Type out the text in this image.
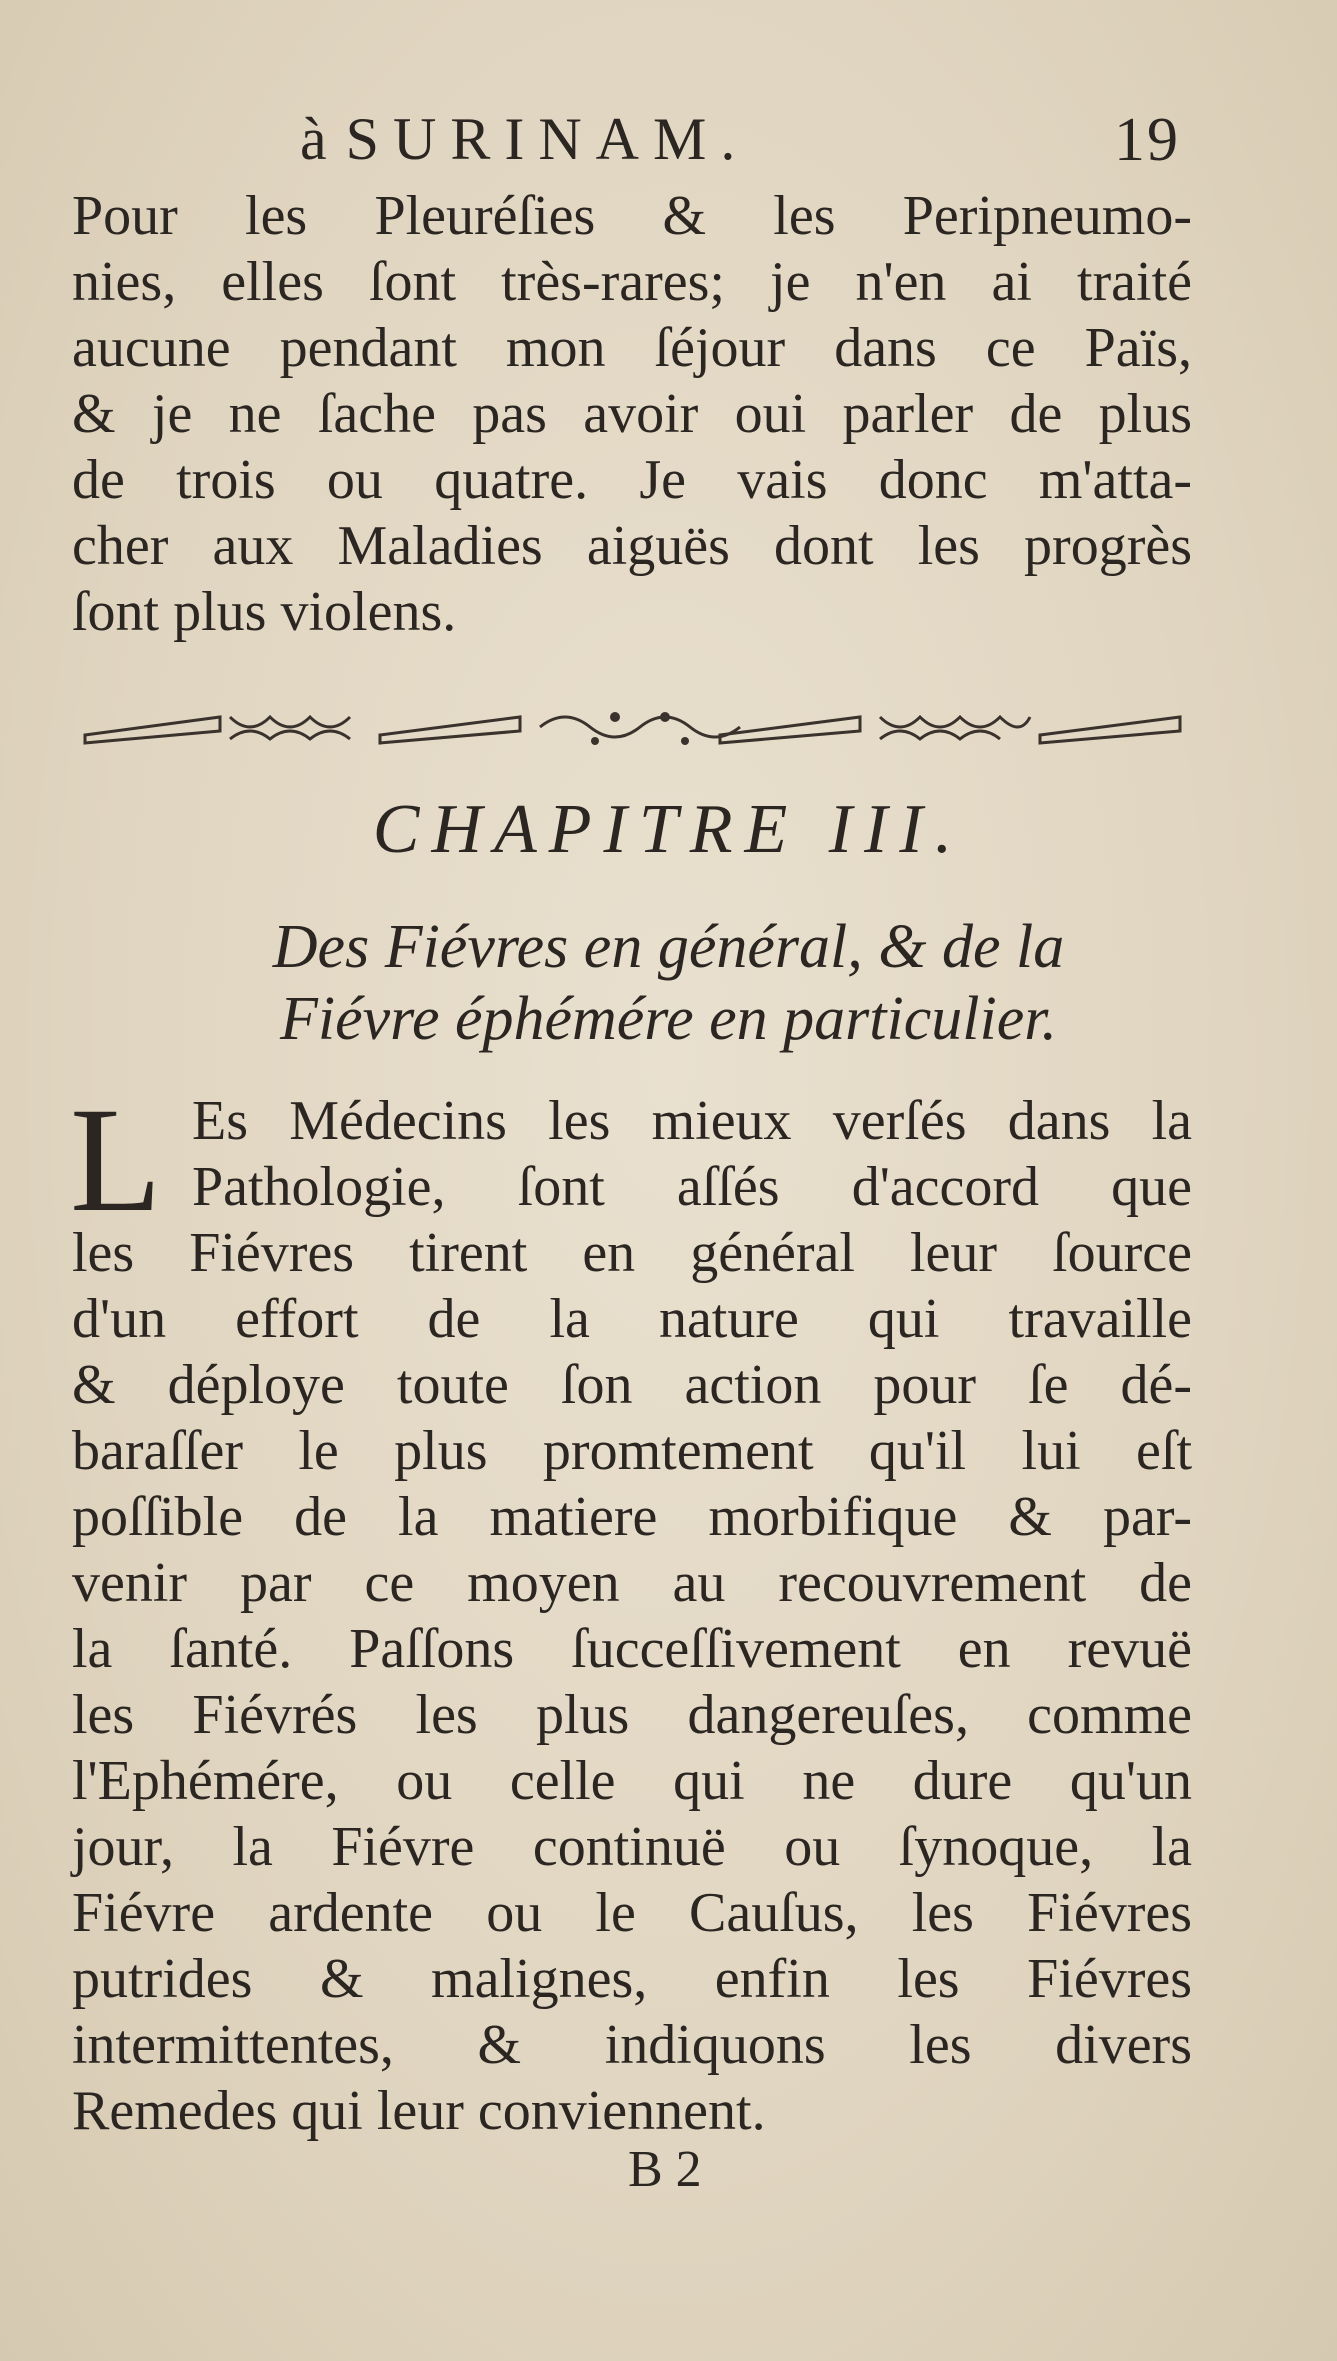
à SURINAM.	19
Pour les Pleuréſies & les Peripneumo-
nies, elles ſont très-rares; je n'en ai traité
aucune pendant mon ſéjour dans ce Païs,
& je ne ſache pas avoir oui parler de plus
de trois ou quatre. Je vais donc m'atta-
cher aux Maladies aiguës dont les progrès
ſont plus violens.
CHAPITRE III.
Des Fiévres en général, & de la
Fiévre éphémére en particulier.
L Es Médecins les mieux verſés dans la
Pathologie, ſont aſſés d'accord que
les Fiévres tirent en général leur ſource
d'un effort de la nature qui travaille
& déploye toute ſon action pour ſe dé-
baraſſer le plus promtement qu'il lui eſt
poſſible de la matiere morbifique & par-
venir par ce moyen au recouvrement de
la ſanté. Paſſons ſucceſſivement en revuë
les Fiévrés les plus dangereuſes, comme
l'Ephémére, ou celle qui ne dure qu'un
jour, la Fiévre continuë ou ſynoque, la
Fiévre ardente ou le Cauſus, les Fiévres
putrides & malignes, enfin les Fiévres
intermittentes, & indiquons les divers
Remedes qui leur conviennent.
B 2
